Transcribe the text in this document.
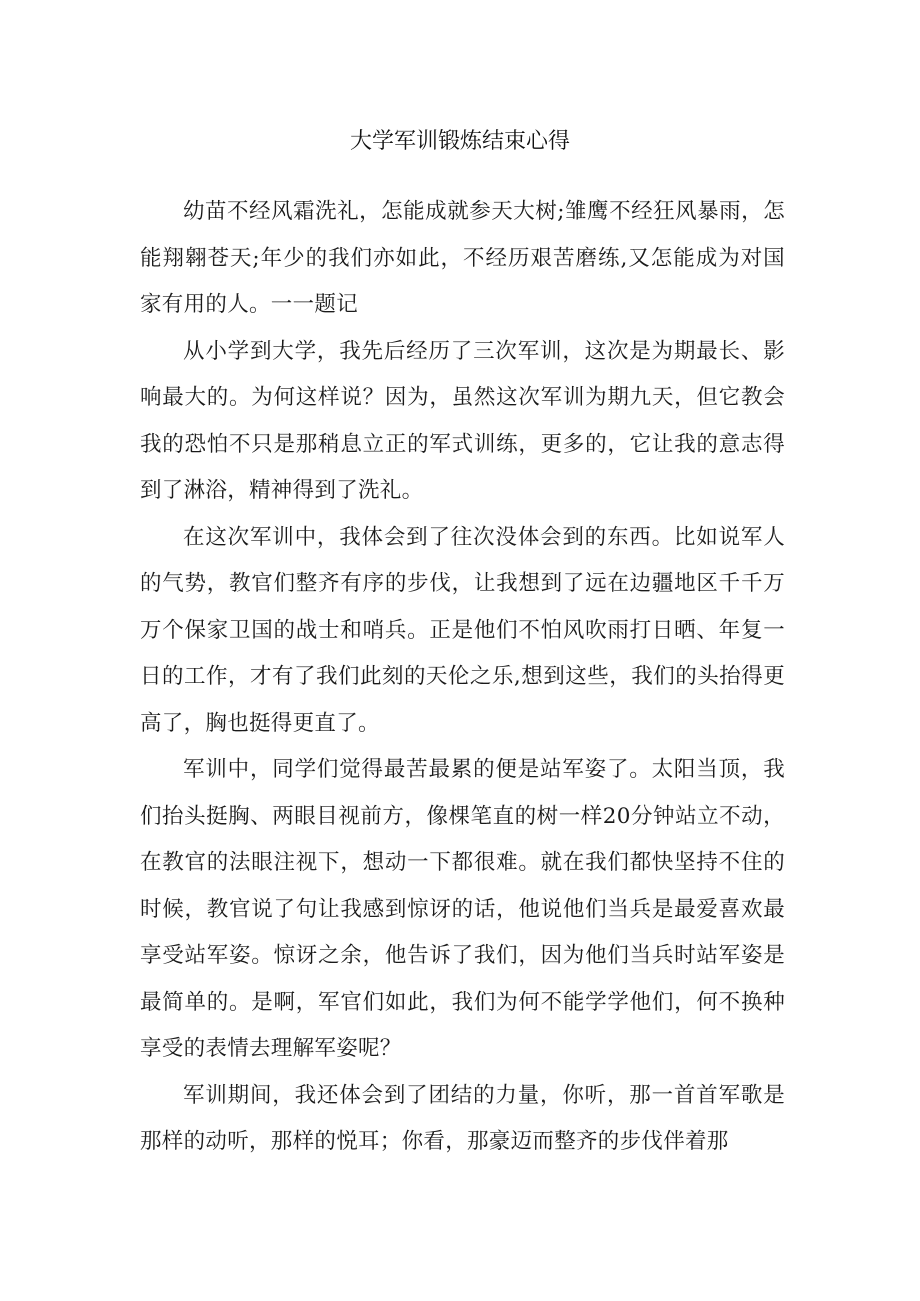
大学军训锻炼结束心得

幼苗不经风霜洗礼，怎能成就参天大树;雏鹰不经狂风暴雨，怎能翔翱苍天;年少的我们亦如此，不经历艰苦磨练,又怎能成为对国家有用的人。一一题记

从小学到大学，我先后经历了三次军训，这次是为期最长、影响最大的。为何这样说？因为，虽然这次军训为期九天，但它教会我的恐怕不只是那稍息立正的军式训练，更多的，它让我的意志得到了淋浴，精神得到了洗礼。

在这次军训中，我体会到了往次没体会到的东西。比如说军人的气势，教官们整齐有序的步伐，让我想到了远在边疆地区千千万万个保家卫国的战士和哨兵。正是他们不怕风吹雨打日晒、年复一日的工作，才有了我们此刻的天伦之乐,想到这些，我们的头抬得更高了，胸也挺得更直了。

军训中，同学们觉得最苦最累的便是站军姿了。太阳当顶，我们抬头挺胸、两眼目视前方，像棵笔直的树一样20分钟站立不动，在教官的法眼注视下，想动一下都很难。就在我们都快坚持不住的时候，教官说了句让我感到惊讶的话，他说他们当兵是最爱喜欢最享受站军姿。惊讶之余，他告诉了我们，因为他们当兵时站军姿是最简单的。是啊，军官们如此，我们为何不能学学他们，何不换种享受的表情去理解军姿呢？

军训期间，我还体会到了团结的力量，你听，那一首首军歌是那样的动听，那样的悦耳；你看，那豪迈而整齐的步伐伴着那
